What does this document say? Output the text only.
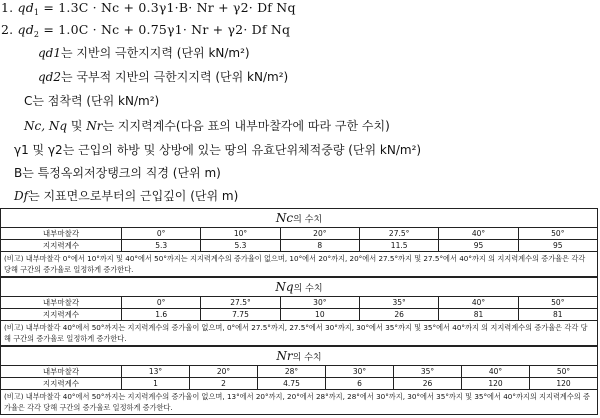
1. $qd_1 = 1.3C \cdot Nc + 0.3\gamma 1\cdot B\cdot Nr + \gamma 2\cdot Df$ Nq
2. $qd_2 = 1.0C \cdot Nc + 0.75\gamma 1\cdot Nr + \gamma 2\cdot Df$ Nq
qd1는 지반의 극한지지력 (단위 kN/m²)
qd2는 국부적 지반의 극한지지력 (단위 kN/m²)
C는 점착력 (단위 kN/m²)
Nc, Nq 및 Nr는 지지력계수(다음 표의 내부마찰각에 따라 구한 수치)
γ1 및 γ2는 근입의 하방 및 상방에 있는 땅의 유효단위체적중량 (단위 kN/m²)
B는 특정옥외저장탱크의 직경 (단위 m)
Df는 지표면으로부터의 근입깊이 (단위 m)
Nc의 수치
내부마찰각	0°	10°	20°	27.5°	40°	50°
지지력계수	5.3	5.3	8	11.5	95	95
(비고) 내부마찰각 0°에서 10°까지 및 40°에서 50°까지는 지지력계수의 증가율이 없으며, 10°에서 20°까지, 20°에서 27.5°까지 및 27.5°에서 40°까지 의 지지력계수의 증가율은 각각 당해 구간의 증가율로 일정하게 증가한다.
Nq의 수치
내부마찰각	0°	27.5°	30°	35°	40°	50°
지지력계수	1.6	7.75	10	26	81	81
(비고) 내부마찰각 40°에서 50°까지는 지지력계수의 증가율이 없으며, 0°에서 27.5°까지, 27.5°에서 30°까지, 30°에서 35°까지 및 35°에서 40°까지 의 지지력계수의 증가율은 각각 당해 구간의 증가율로 일정하게 증가한다.
Nr의 수치
내부마찰각	13°	20°	28°	30°	35°	40°	50°
지지력계수	1	2	4.75	6	26	120	120
(비고) 내부마찰각 40°에서 50°까지는 지지력계수의 증가율이 없으며, 13°에서 20°까지, 20°에서 28°까지, 28°에서 30°까지, 30°에서 35°까지 및 35°에서 40°까지의 지지력계수의 증가율은 각각 당해 구간의 증가율로 일정하게 증가한다.
